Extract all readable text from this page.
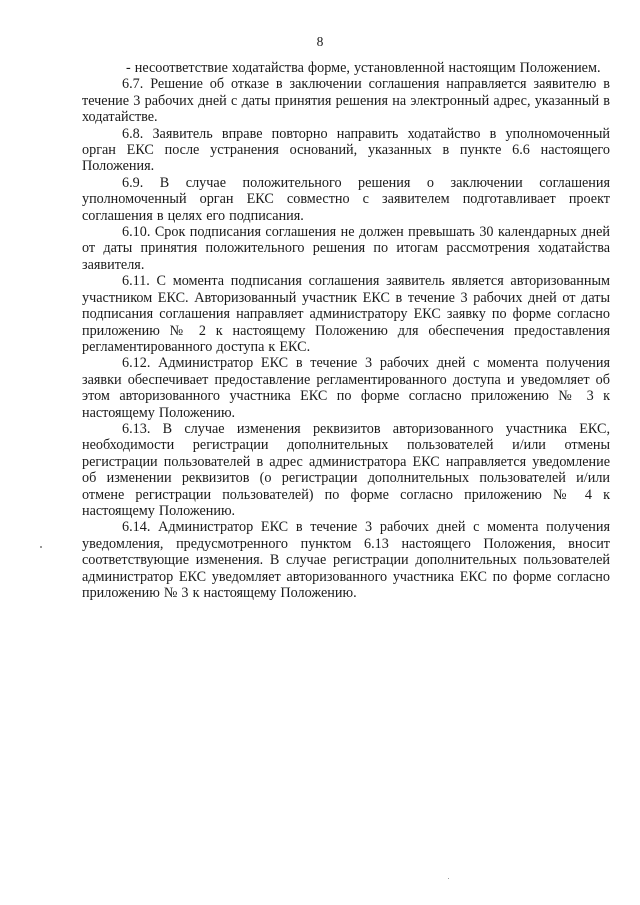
8

- несоответствие ходатайства форме, установленной настоящим Положением.

6.7. Решение об отказе в заключении соглашения направляется заявителю в течение 3 рабочих дней с даты принятия решения на электронный адрес, указанный в ходатайстве.

6.8. Заявитель вправе повторно направить ходатайство в уполномоченный орган ЕКС после устранения оснований, указанных в пункте 6.6 настоящего Положения.

6.9. В случае положительного решения о заключении соглашения уполномоченный орган ЕКС совместно с заявителем подготавливает проект соглашения в целях его подписания.

6.10. Срок подписания соглашения не должен превышать 30 календарных дней от даты принятия положительного решения по итогам рассмотрения ходатайства заявителя.

6.11. С момента подписания соглашения заявитель является авторизованным участником ЕКС. Авторизованный участник ЕКС в течение 3 рабочих дней от даты подписания соглашения направляет администратору ЕКС заявку по форме согласно приложению № 2 к настоящему Положению для обеспечения предоставления регламентированного доступа к ЕКС.

6.12. Администратор ЕКС в течение 3 рабочих дней с момента получения заявки обеспечивает предоставление регламентированного доступа и уведомляет об этом авторизованного участника ЕКС по форме согласно приложению № 3 к настоящему Положению.

6.13. В случае изменения реквизитов авторизованного участника ЕКС, необходимости регистрации дополнительных пользователей и/или отмены регистрации пользователей в адрес администратора ЕКС направляется уведомление об изменении реквизитов (о регистрации дополнительных пользователей и/или отмене регистрации пользователей) по форме согласно приложению № 4 к настоящему Положению.

6.14. Администратор ЕКС в течение 3 рабочих дней с момента получения уведомления, предусмотренного пунктом 6.13 настоящего Положения, вносит соответствующие изменения. В случае регистрации дополнительных пользователей администратор ЕКС уведомляет авторизованного участника ЕКС по форме согласно приложению № 3 к настоящему Положению.
